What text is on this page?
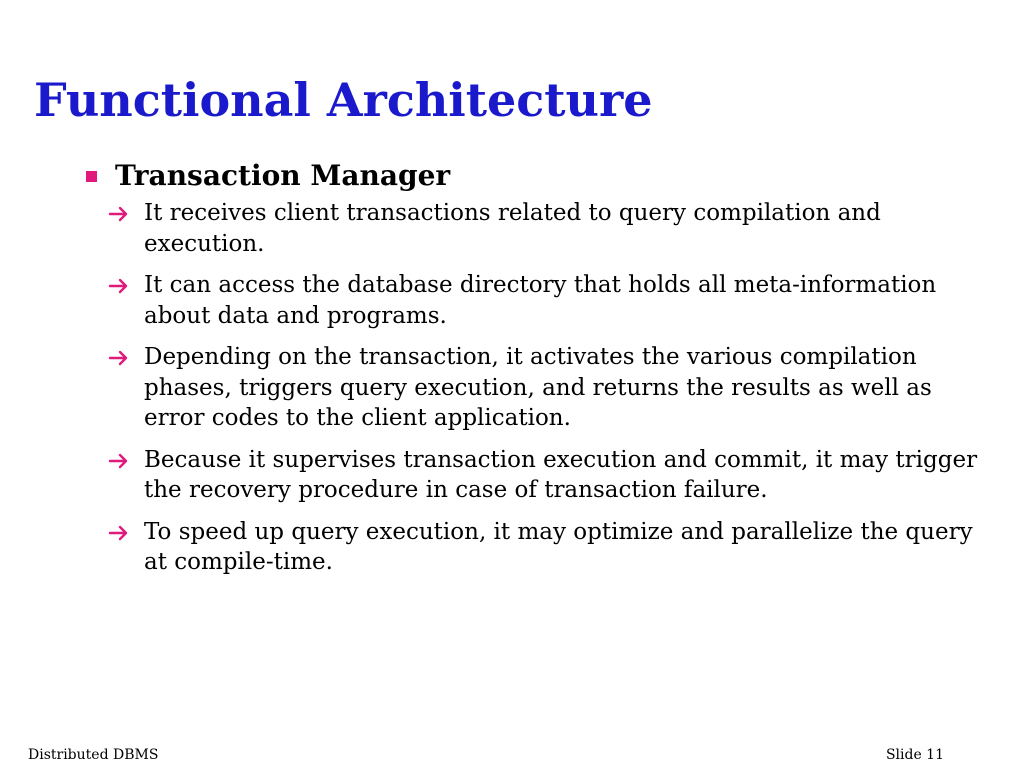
Functional Architecture
Transaction Manager
It receives client transactions related to query compilation and execution.
It can access the database directory that holds all meta-information about data and programs.
Depending on the transaction, it activates the various compilation phases, triggers query execution, and returns the results as well as error codes to the client application.
Because it supervises transaction execution and commit, it may trigger the recovery procedure in case of transaction failure.
To speed up query execution, it may optimize and parallelize the query at compile-time.
Distributed DBMS	Slide 11
